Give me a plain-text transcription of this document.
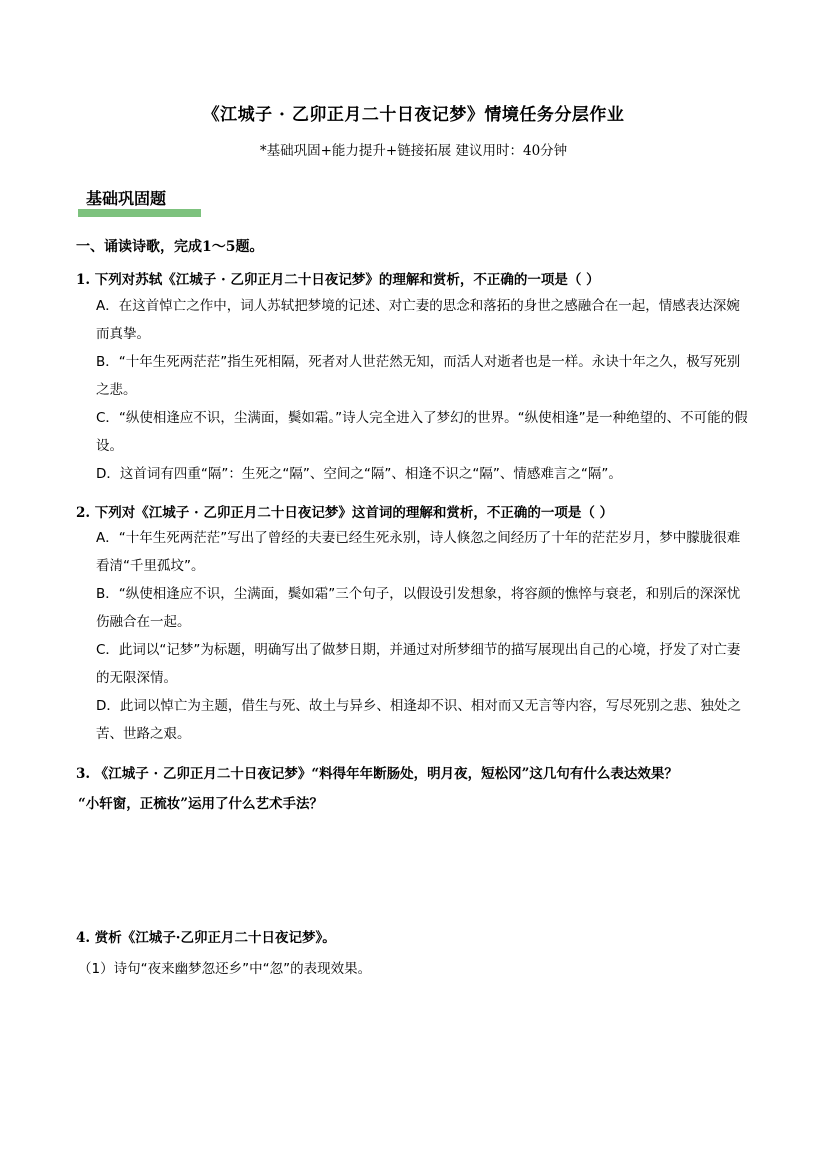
《江城子 · 乙卯正月二十日夜记梦》情境任务分层作业
*基础巩固+能力提升+链接拓展 建议用时：40分钟
基础巩固题
一、诵读诗歌，完成1～5题。
1. 下列对苏轼《江城子 · 乙卯正月二十日夜记梦》的理解和赏析，不正确的一项是（ ）
A．在这首悼亡之作中，词人苏轼把梦境的记述、对亡妻的思念和落拓的身世之感融合在一起，情感表达深婉而真挚。
B．“十年生死两茫茫”指生死相隔，死者对人世茫然无知，而活人对逝者也是一样。永诀十年之久，极写死别之悲。
C．“纵使相逢应不识，尘满面，鬓如霜。”诗人完全进入了梦幻的世界。“纵使相逢”是一种绝望的、不可能的假设。
D．这首词有四重“隔”：生死之“隔”、空间之“隔”、相逢不识之“隔”、情感难言之“隔”。
2. 下列对《江城子 · 乙卯正月二十日夜记梦》这首词的理解和赏析，不正确的一项是（ ）
A．“十年生死两茫茫”写出了曾经的夫妻已经生死永别，诗人倏忽之间经历了十年的茫茫岁月，梦中朦胧很难看清“千里孤坟”。
B．“纵使相逢应不识，尘满面，鬓如霜”三个句子，以假设引发想象，将容颜的憔悴与衰老，和别后的深深忧伤融合在一起。
C．此词以“记梦”为标题，明确写出了做梦日期，并通过对所梦细节的描写展现出自己的心境，抒发了对亡妻的无限深情。
D．此词以悼亡为主题，借生与死、故土与异乡、相逢却不识、相对而又无言等内容，写尽死别之悲、独处之苦、世路之艰。
3. 《江城子 · 乙卯正月二十日夜记梦》“料得年年断肠处，明月夜，短松冈”这几句有什么表达效果？
“小轩窗，正梳妆”运用了什么艺术手法？
4. 赏析《江城子·乙卯正月二十日夜记梦》。
（1）诗句“夜来幽梦忽还乡”中“忽”的表现效果。
